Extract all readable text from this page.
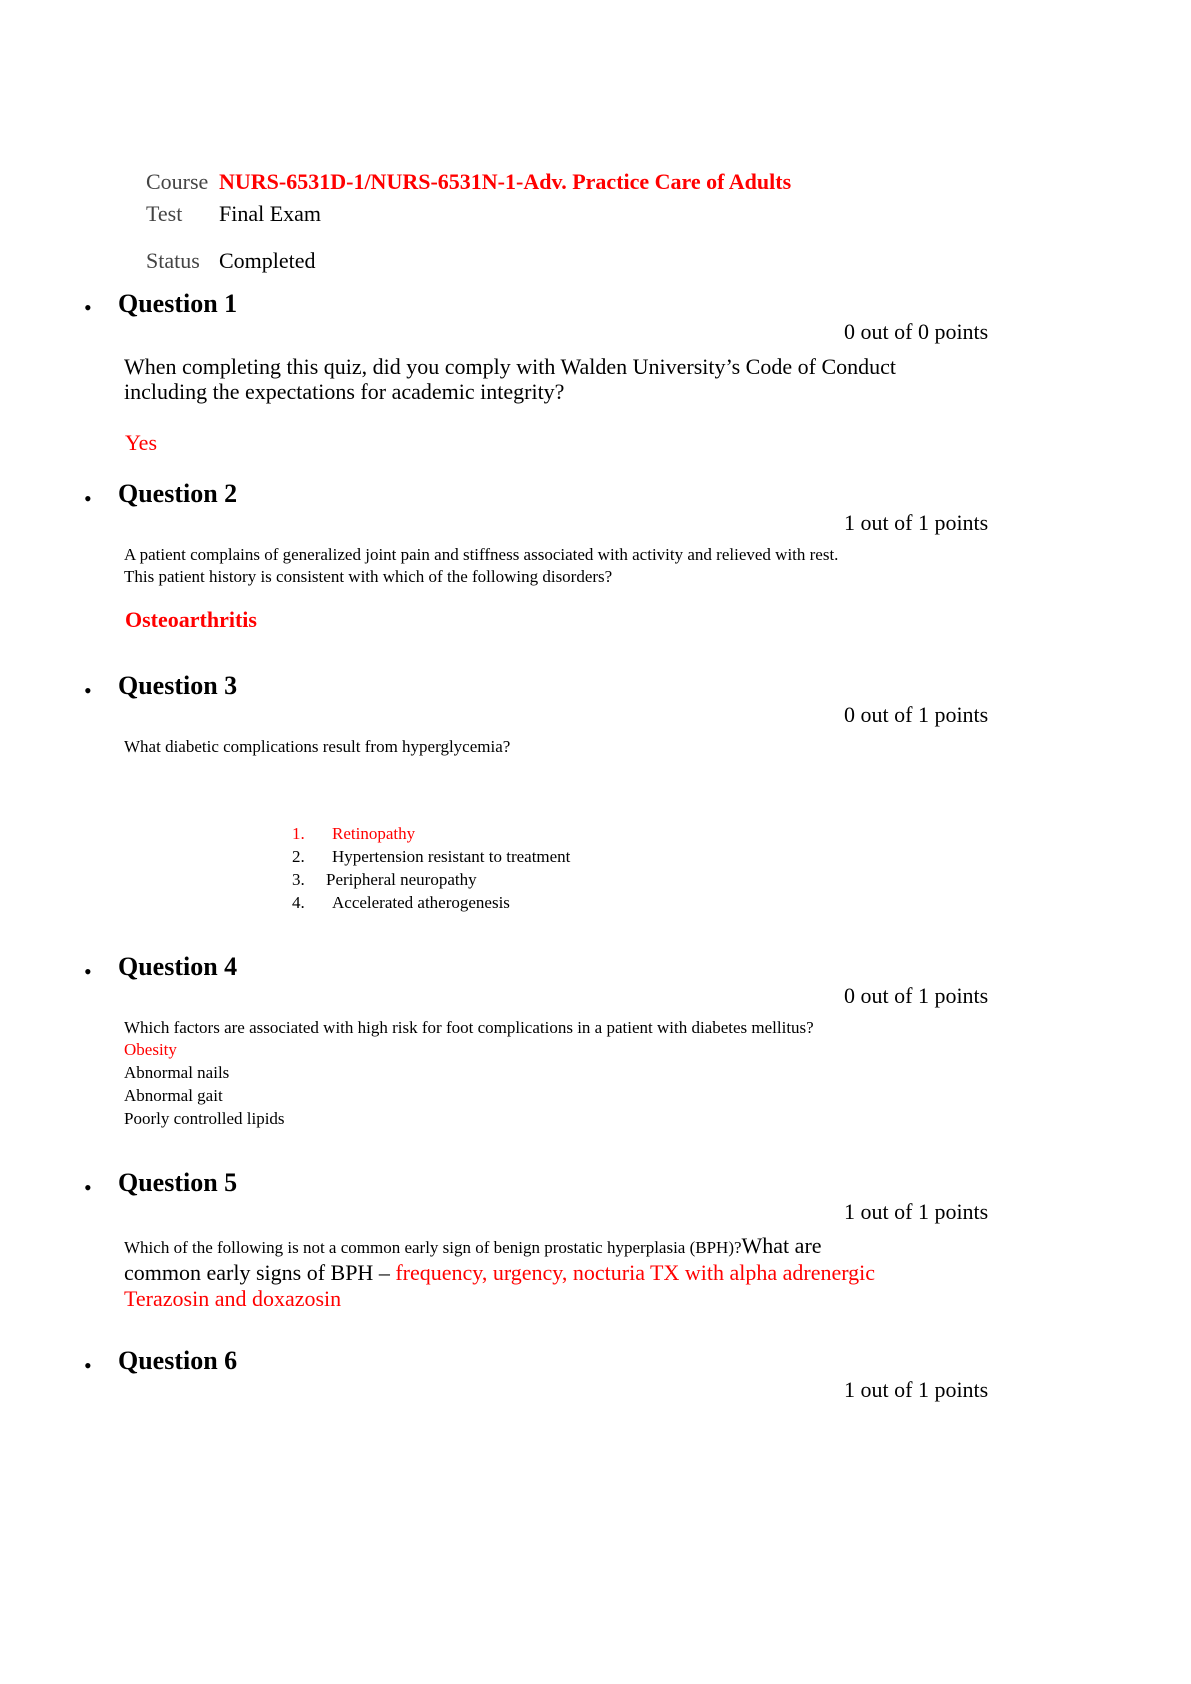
Course NURS-6531D-1/NURS-6531N-1-Adv. Practice Care of Adults
Test Final Exam
Status Completed
• Question 1
0 out of 0 points
When completing this quiz, did you comply with Walden University’s Code of Conduct
including the expectations for academic integrity?
Yes
• Question 2
1 out of 1 points
A patient complains of generalized joint pain and stiffness associated with activity and relieved with rest.
This patient history is consistent with which of the following disorders?
Osteoarthritis
• Question 3
0 out of 1 points
What diabetic complications result from hyperglycemia?
1. Retinopathy
2. Hypertension resistant to treatment
3. Peripheral neuropathy
4. Accelerated atherogenesis
• Question 4
0 out of 1 points
Which factors are associated with high risk for foot complications in a patient with diabetes mellitus?
Obesity
Abnormal nails
Abnormal gait
Poorly controlled lipids
• Question 5
1 out of 1 points
Which of the following is not a common early sign of benign prostatic hyperplasia (BPH)?What are
common early signs of BPH – frequency, urgency, nocturia TX with alpha adrenergic
Terazosin and doxazosin
• Question 6
1 out of 1 points
